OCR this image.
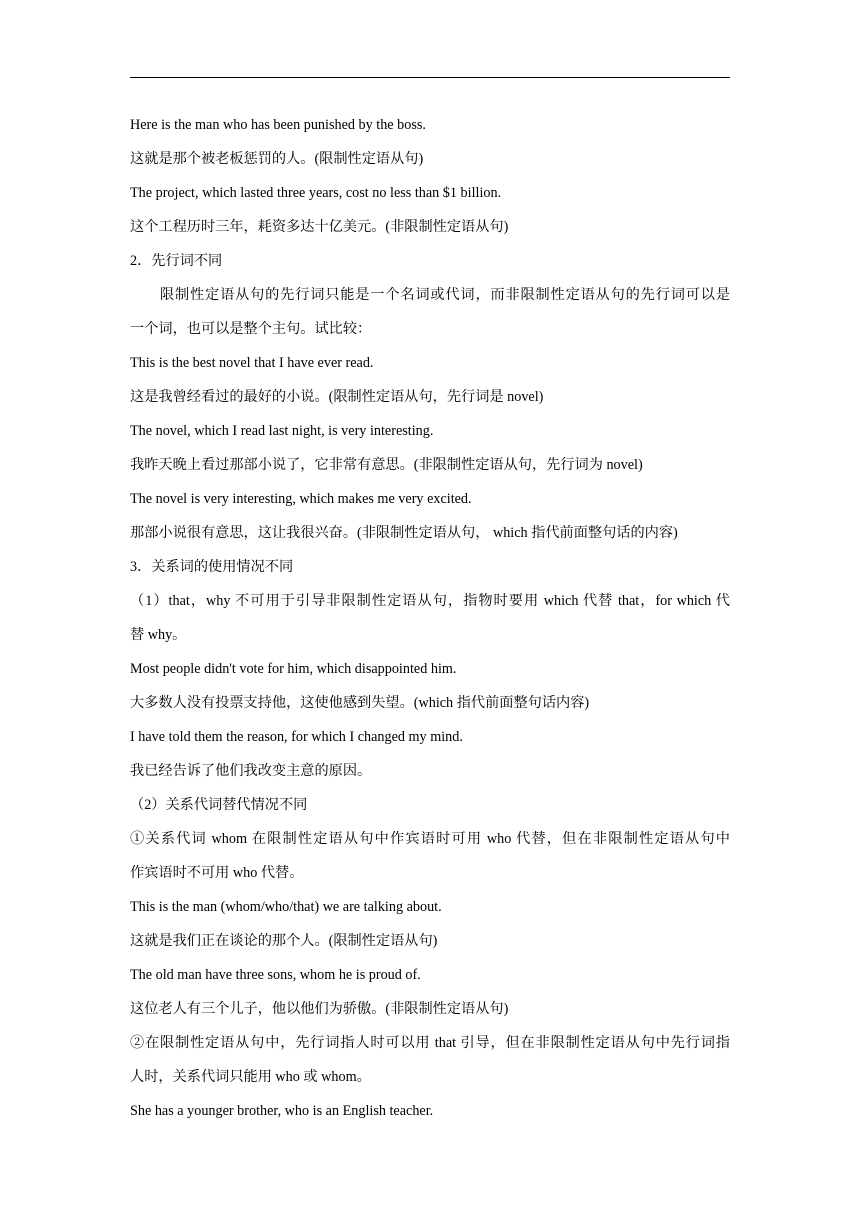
Here is the man who has been punished by the boss.
这就是那个被老板惩罚的人。(限制性定语从句)
The project, which lasted three years, cost no less than $1 billion.
这个工程历时三年，耗资多达十亿美元。(非限制性定语从句)
2．先行词不同
限制性定语从句的先行词只能是一个名词或代词，而非限制性定语从句的先行词可以是
一个词，也可以是整个主句。试比较：
This is the best novel that I have ever read.
这是我曾经看过的最好的小说。(限制性定语从句，先行词是 novel)
The novel, which I read last night, is very interesting.
我昨天晚上看过那部小说了，它非常有意思。(非限制性定语从句，先行词为 novel)
The novel is very interesting, which makes me very excited.
那部小说很有意思，这让我很兴奋。(非限制性定语从句， which 指代前面整句话的内容)
3．关系词的使用情况不同
（1）that，why 不可用于引导非限制性定语从句，指物时要用 which 代替 that，for which 代
替 why。
Most people didn't vote for him, which disappointed him.
大多数人没有投票支持他，这使他感到失望。(which 指代前面整句话内容)
I have told them the reason, for which I changed my mind.
我已经告诉了他们我改变主意的原因。
（2）关系代词替代情况不同
①关系代词 whom 在限制性定语从句中作宾语时可用 who 代替，但在非限制性定语从句中
作宾语时不可用 who 代替。
This is the man (whom/who/that) we are talking about.
这就是我们正在谈论的那个人。(限制性定语从句)
The old man have three sons, whom he is proud of.
这位老人有三个儿子，他以他们为骄傲。(非限制性定语从句)
②在限制性定语从句中，先行词指人时可以用 that 引导，但在非限制性定语从句中先行词指
人时，关系代词只能用 who 或 whom。
She has a younger brother, who is an English teacher.
